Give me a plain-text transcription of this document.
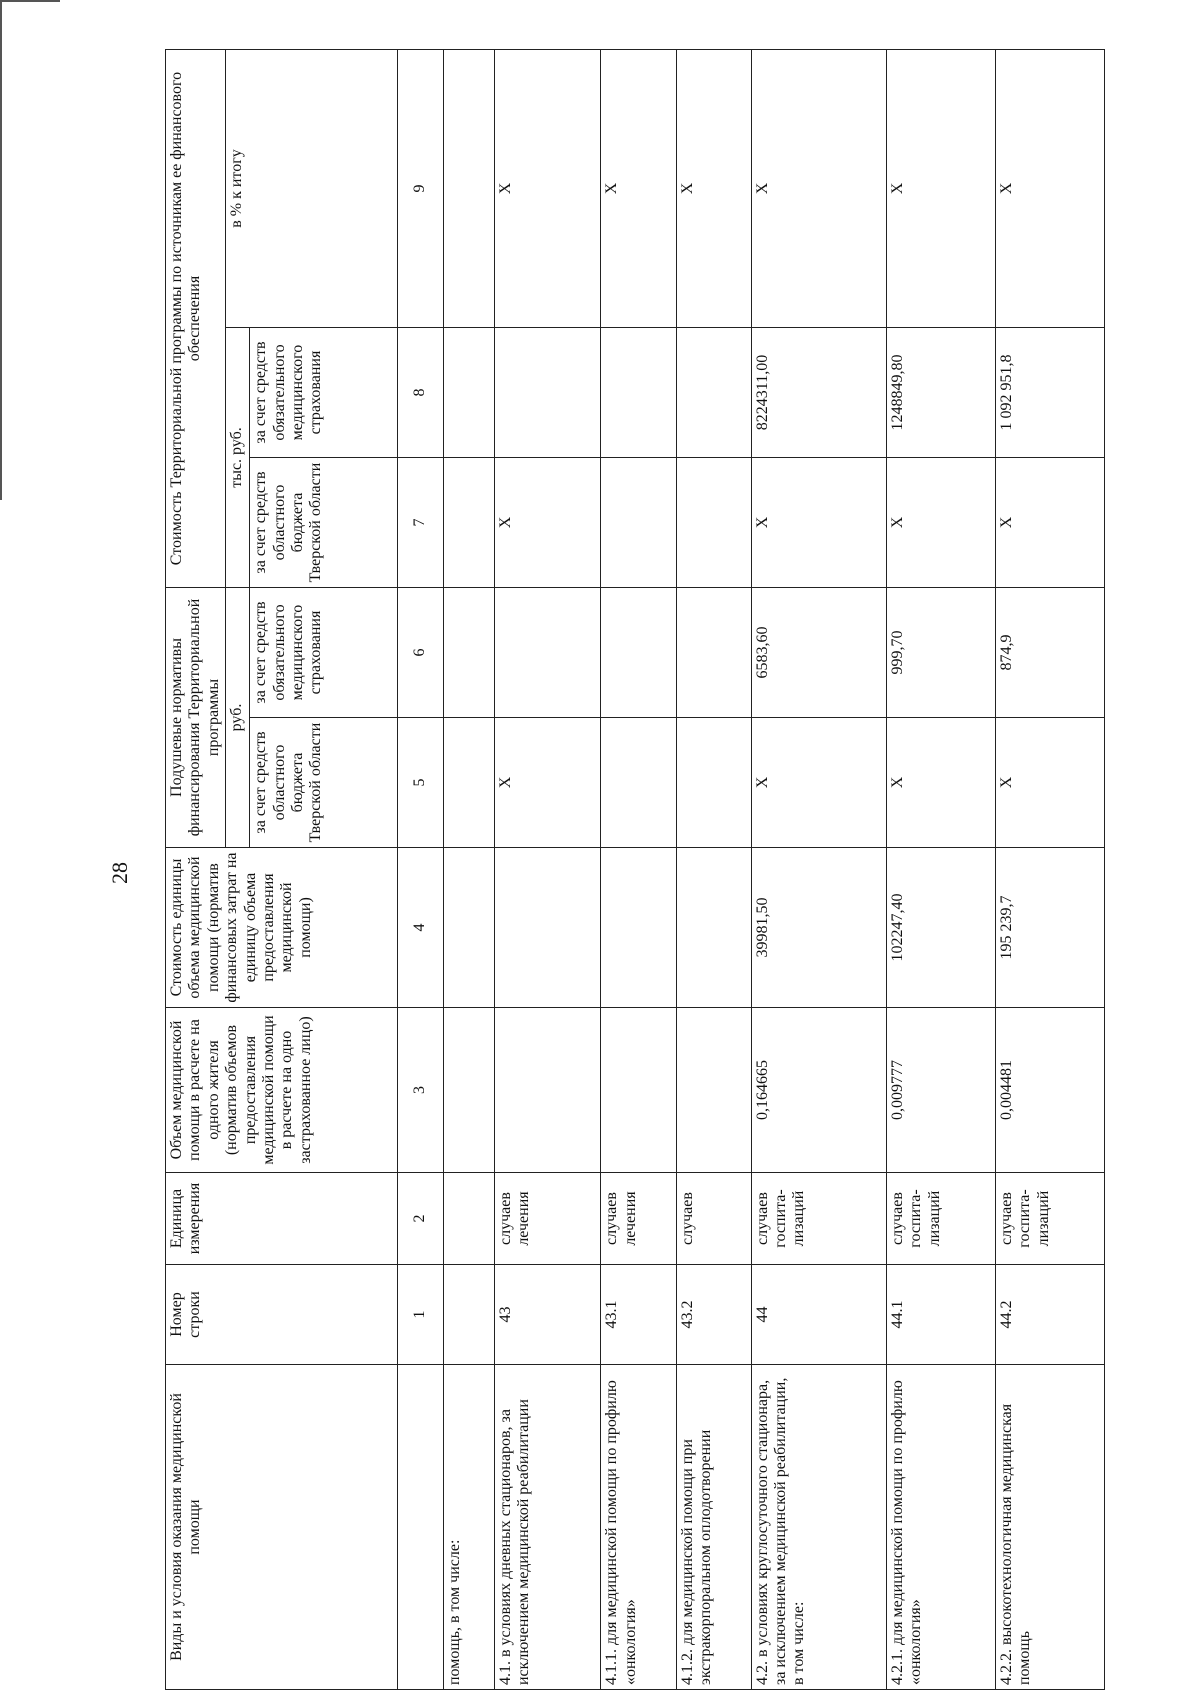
28
Виды и условия оказания медицинской помощи	Номер строки	Единица измерения	Объем медицинской помощи в расчете на одного жителя (норматив объемов предоставления медицинской помощи в расчете на одно застрахованное лицо)	Стоимость единицы объема медицинской помощи (норматив финансовых затрат на единицу объема предоставления медицинской помощи)	Подушевые нормативы финансирования Территориальной программы		Стоимость Территориальной программы по источникам ее финансового обеспечения		
					руб.		тыс. руб.		в % к итогу
					за счет средств областного бюджета Тверской области	за счет средств обязательного медицинского страхования	за счет средств областного бюджета Тверской области	за счет средств обязательного медицинского страхования	
	1	2	3	4	5	6	7	8	9
помощь, в том числе:									
4.1. в условиях дневных стационаров, за исключением медицинской реабилитации	43	случаев лечения			Х		Х		Х
4.1.1. для медицинской помощи по профилю «онкология»	43.1	случаев лечения							Х
4.1.2. для медицинской помощи при экстракорпоральном оплодотворении	43.2	случаев							Х
4.2. в условиях круглосуточного стационара, за исключением медицинской реабилитации, в том числе:	44	случаев госпита-лизаций	0,164665	39981,50	Х	6583,60	Х	8224311,00	Х
4.2.1. для медицинской помощи по профилю «онкология»	44.1	случаев госпита-лизаций	0,009777	102247,40	Х	999,70	Х	1248849,80	Х
4.2.2. высокотехнологичная медицинская помощь	44.2	случаев госпита-лизаций	0,004481	195 239,7	Х	874,9	Х	1 092 951,8	Х
